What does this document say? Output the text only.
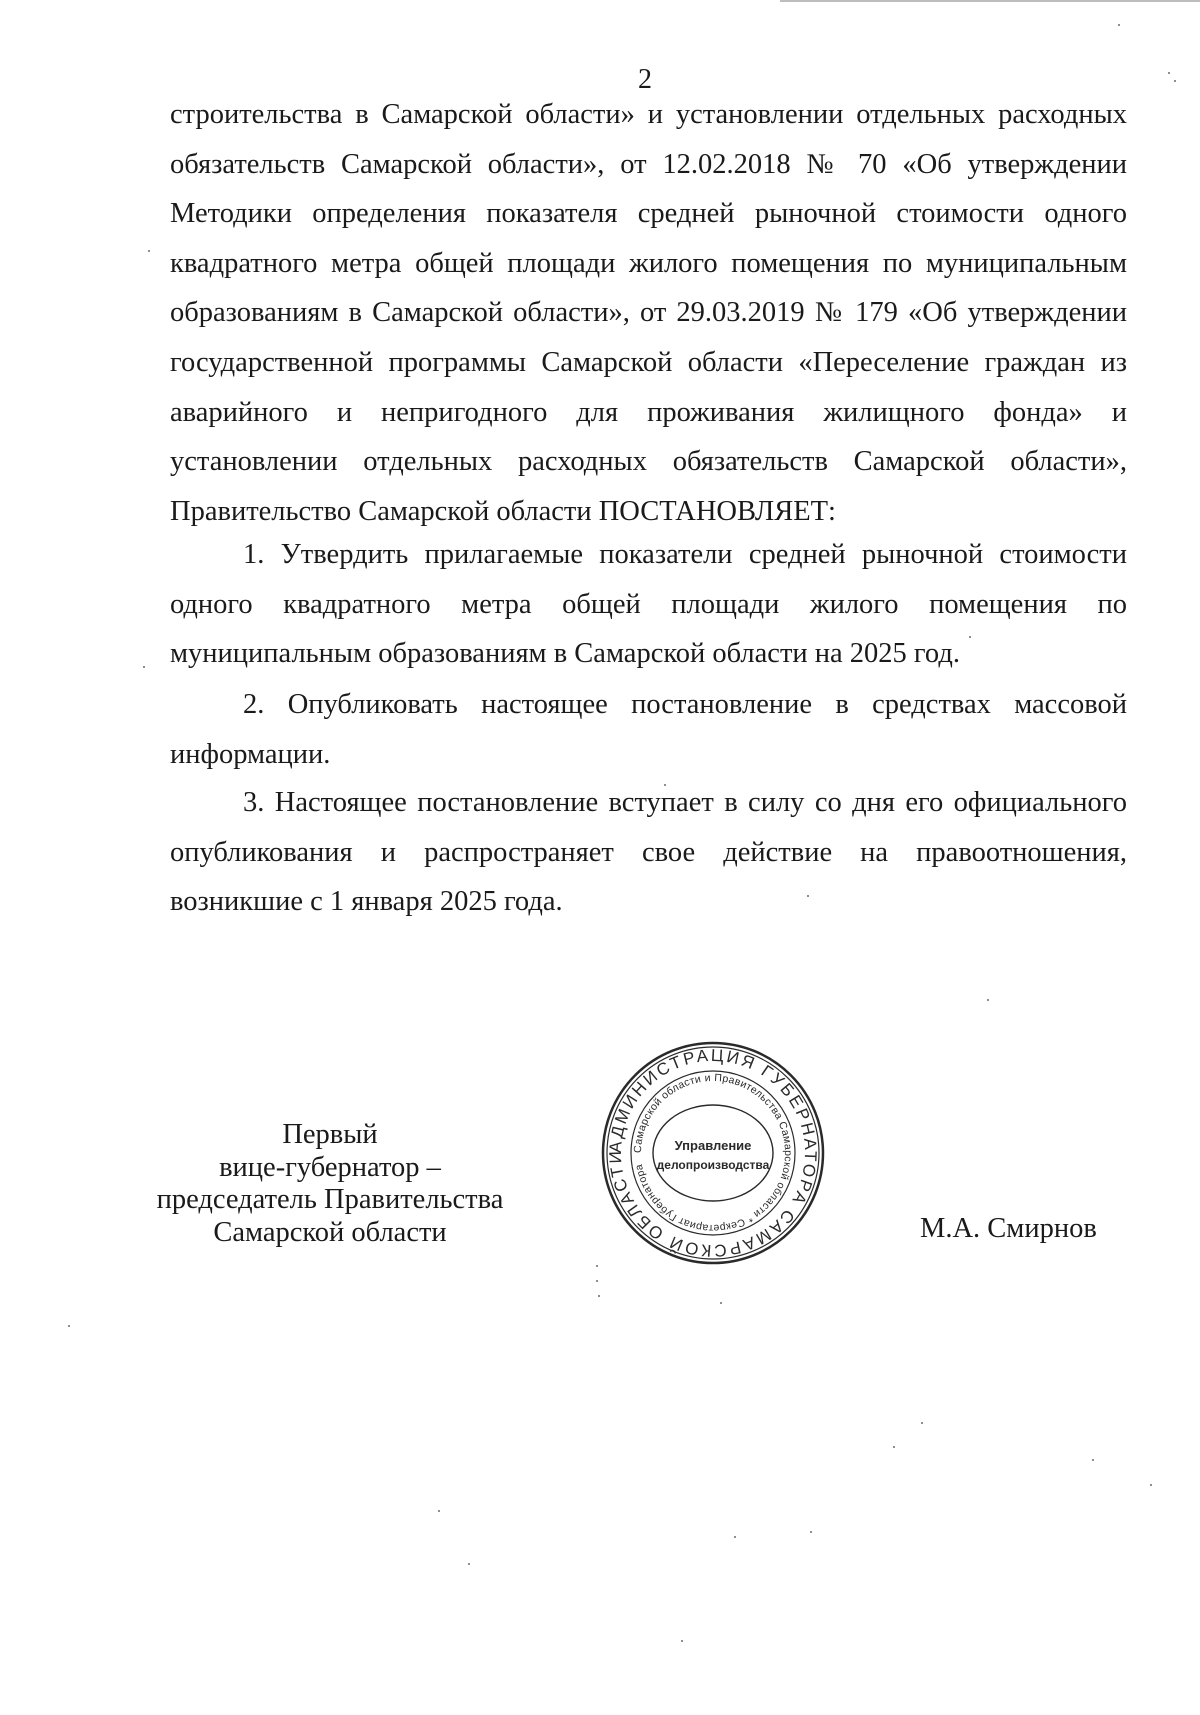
2

строительства в Самарской области» и установлении отдельных расходных обязательств Самарской области», от 12.02.2018 № 70 «Об утверждении Методики определения показателя средней рыночной стоимости одного квадратного метра общей площади жилого помещения по муниципальным образованиям в Самарской области», от 29.03.2019 № 179 «Об утверждении государственной программы Самарской области «Переселение граждан из аварийного и непригодного для проживания жилищного фонда» и установлении отдельных расходных обязательств Самарской области», Правительство Самарской области ПОСТАНОВЛЯЕТ:

1. Утвердить прилагаемые показатели средней рыночной стоимости одного квадратного метра общей площади жилого помещения по муниципальным образованиям в Самарской области на 2025 год.

2. Опубликовать настоящее постановление в средствах массовой информации.

3. Настоящее постановление вступает в силу со дня его официального опубликования и распространяет свое действие на правоотношения, возникшие с 1 января 2025 года.

Первый
вице-губернатор –
председатель Правительства
Самарской области
АДМИНИСТРАЦИЯ ГУБЕРНАТОРА САМАРСКОЙ ОБЛАСТИ Самарской области и Правительства Самарской области * Секретариат Губернатора
Управление
делопроизводства
М.А. Смирнов
